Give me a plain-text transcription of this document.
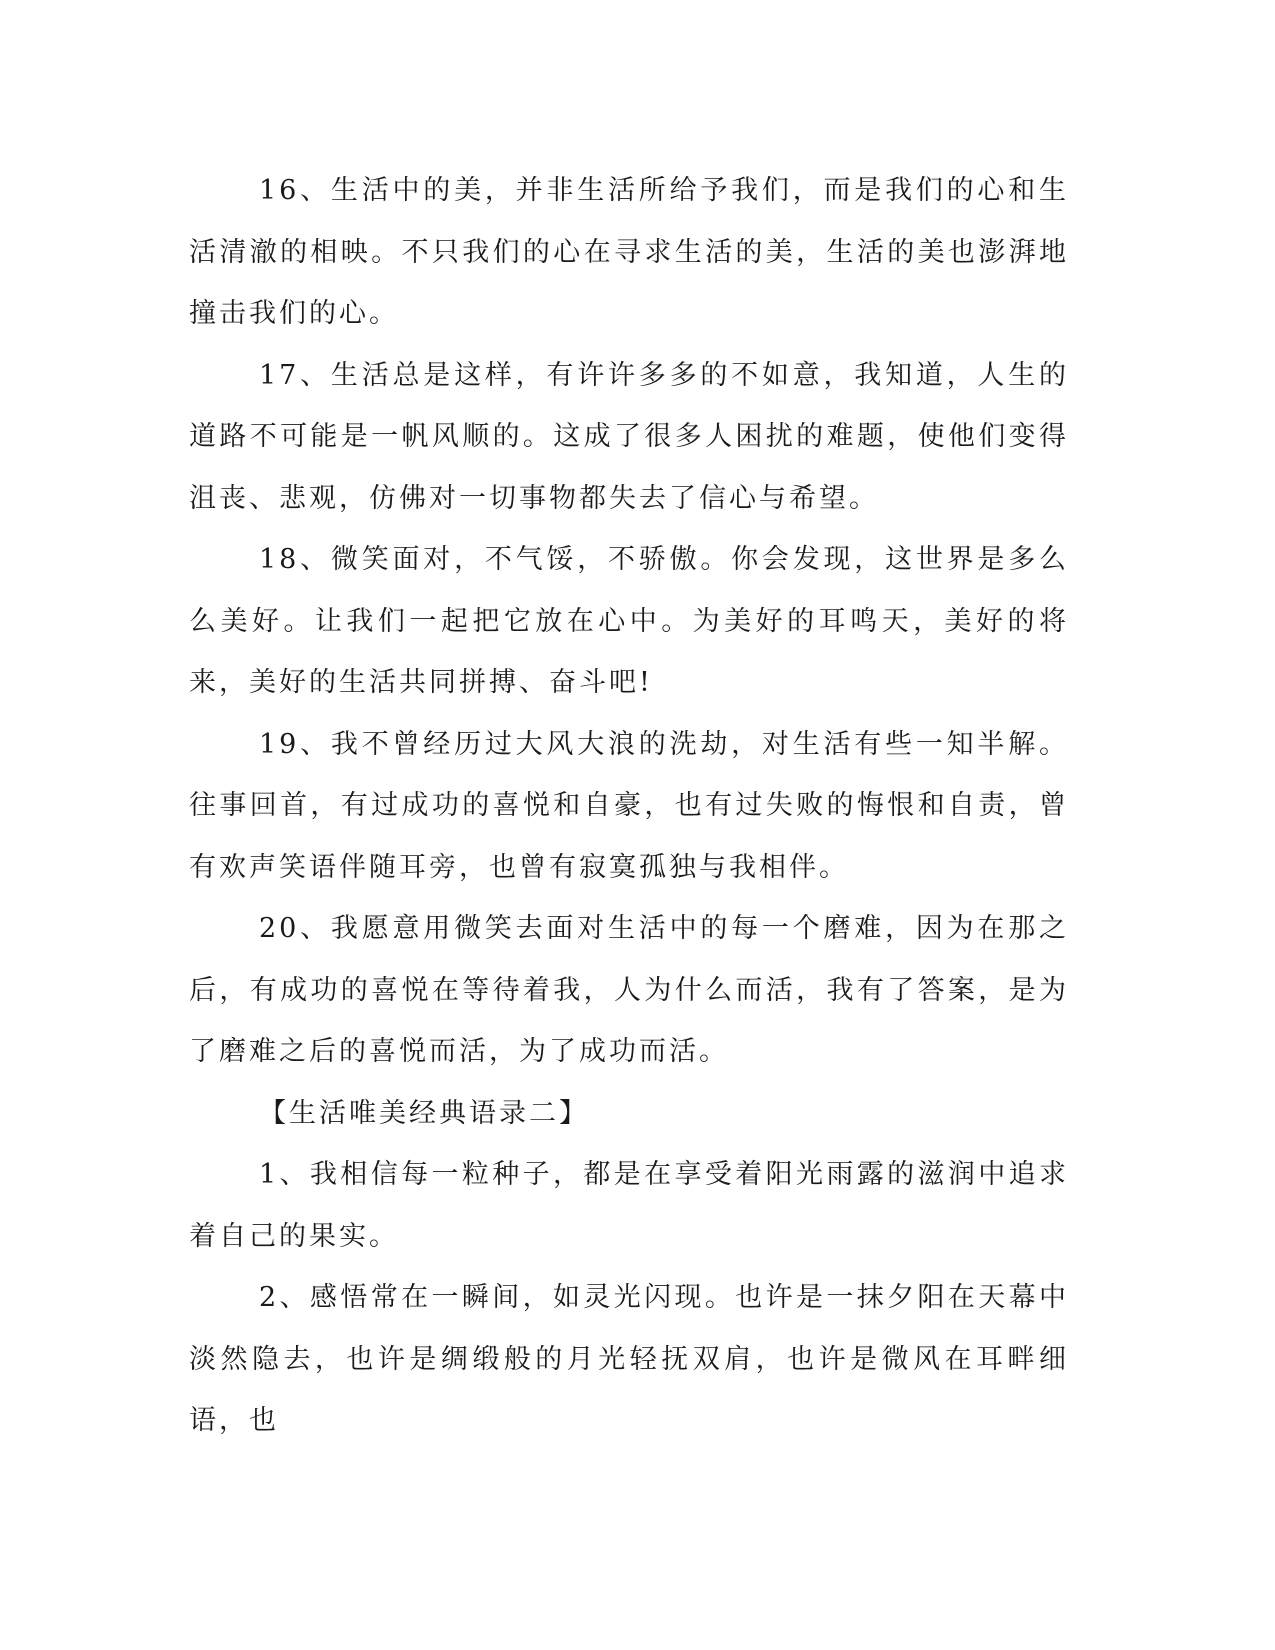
16、生活中的美，并非生活所给予我们，而是我们的心和生活清澈的相映。不只我们的心在寻求生活的美，生活的美也澎湃地撞击我们的心。

17、生活总是这样，有许许多多的不如意，我知道，人生的道路不可能是一帆风顺的。这成了很多人困扰的难题，使他们变得沮丧、悲观，仿佛对一切事物都失去了信心与希望。

18、微笑面对，不气馁，不骄傲。你会发现，这世界是多么么美好。让我们一起把它放在心中。为美好的耳鸣天，美好的将来，美好的生活共同拼搏、奋斗吧!

19、我不曾经历过大风大浪的洗劫，对生活有些一知半解。往事回首，有过成功的喜悦和自豪，也有过失败的悔恨和自责，曾有欢声笑语伴随耳旁，也曾有寂寞孤独与我相伴。

20、我愿意用微笑去面对生活中的每一个磨难，因为在那之后，有成功的喜悦在等待着我，人为什么而活，我有了答案，是为了磨难之后的喜悦而活，为了成功而活。

【生活唯美经典语录二】

1、我相信每一粒种子，都是在享受着阳光雨露的滋润中追求着自己的果实。

2、感悟常在一瞬间，如灵光闪现。也许是一抹夕阳在天幕中淡然隐去，也许是绸缎般的月光轻抚双肩，也许是微风在耳畔细语，也
